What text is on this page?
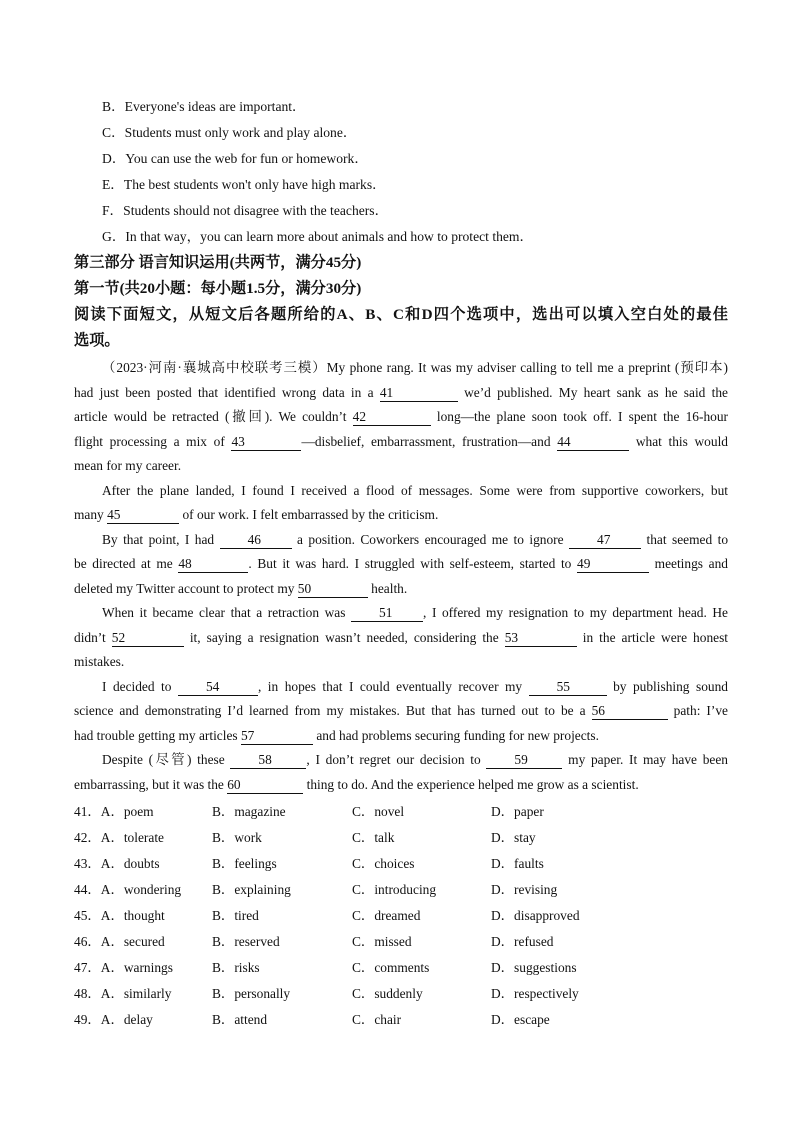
B．Everyone's ideas are important．
C．Students must only work and play alone．
D．You can use the web for fun or homework．
E．The best students won't only have high marks．
F．Students should not disagree with the teachers．
G．In that way，you can learn more about animals and how to protect them．
第三部分 语言知识运用(共两节，满分45分)
第一节(共20小题：每小题1.5分，满分30分)
阅读下面短文，从短文后各题所给的A、B、C和D四个选项中，选出可以填入空白处的最佳
选项。
（2023·河南·襄城高中校联考三模）My phone rang. It was my adviser calling to tell me a preprint (预印本)
had just been posted that identified wrong data in a 41	we’d published. My heart sank as he said the
article would be retracted (撤回). We couldn’t 42	long—the plane soon took off. I spent the 16-hour
flight processing a mix of 43	—disbelief, embarrassment, frustration—and 44	what this would
mean for my career.
After the plane landed, I found I received a flood of messages. Some were from supportive coworkers, but
many 45	of our work. I felt embarrassed by the criticism.
By that point, I had 46	a position. Coworkers encouraged me to ignore 47	that seemed to
be directed at me 48	. But it was hard. I struggled with self-esteem, started to 49	meetings and
deleted my Twitter account to protect my 50	health.
When it became clear that a retraction was	51 , I offered my resignation to my department head. He
didn’t 52	it, saying a resignation wasn’t needed, considering the 53	in the article were honest
mistakes.
I decided to	54	, in hopes that I could eventually recover my	55	by publishing sound
science and demonstrating I’d learned from my mistakes. But that has turned out to be a 56	path: I’ve
had trouble getting my articles 57	and had problems securing funding for new projects.
Despite (尽管) these	58	, I don’t regret our decision to	59	my paper. It may have been
embarrassing, but it was the 60	thing to do. And the experience helped me grow as a scientist.
41．A．poem	B．magazine	C．novel	D．paper
42．A．tolerate	B．work	C．talk	D．stay
43．A．doubts	B．feelings	C．choices	D．faults
44．A．wondering B．explaining	C．introducing	D．revising
45．A．thought	B．tired	C．dreamed	D．disapproved
46．A．secured	B．reserved	C．missed	D．refused
47．A．warnings	B．risks	C．comments	D．suggestions
48．A．similarly	B．personally	C．suddenly	D．respectively
49．A．delay	B．attend	C．chair	D．escape
